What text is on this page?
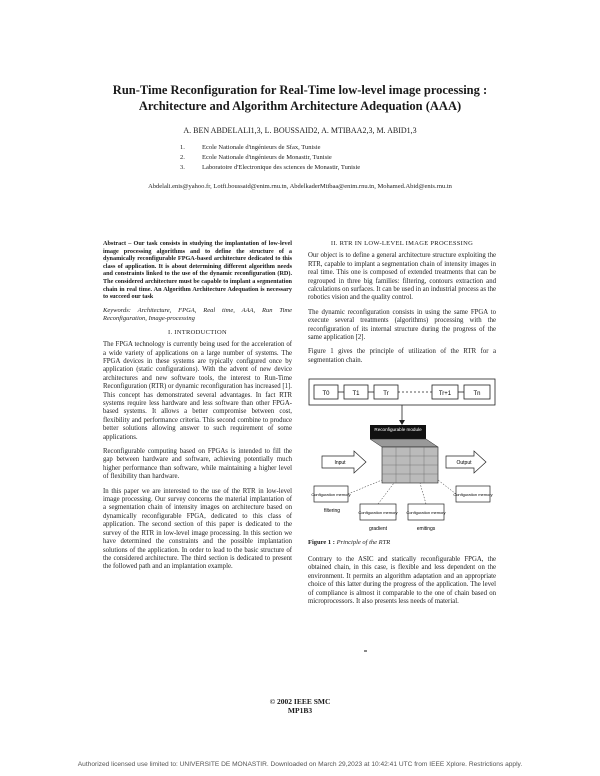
Run-Time Reconfiguration for Real-Time low-level image processing :
Architecture and Algorithm Architecture Adequation (AAA)
A. BEN ABDELALI1,3, L. BOUSSAID2, A. MTIBAA2,3, M. ABID1,3
1.	Ecole Nationale d'ingénieurs de Sfax, Tunisie
2.	Ecole Nationale d'ingénieurs de Monastir, Tunisie
3.	Laboratoire d'Electronique des sciences de Monastir, Tunisie
Abdelali.enis@yahoo.fr, Lotfi.boussaid@enim.rnu.tn, AbdelkaderMtibaa@enim.rnu.tn, Mohamed.Abid@enis.rnu.tn

Abstract – Our task consists in studying the implantation of low-level image processing algorithms and to define the structure of a dynamically reconfigurable FPGA-based architecture dedicated to this class of application. It is about determining different algorithm needs and constraints linked to the use of the dynamic reconfiguration (RD). The considered architecture must be capable to implant a segmentation chain in real time. An Algorithm Architecture Adequation is necessary to succeed our task

Keywords: Architecture, FPGA, Real time, AAA, Run Time Reconfiguration, Image-processing

I. INTRODUCTION

The FPGA technology is currently being used for the acceleration of a wide variety of applications on a large number of systems. The FPGA devices in these systems are typically configured once by application (static configurations). With the advent of new device architectures and new software tools, the interest to Run-Time Reconfiguration (RTR) or dynamic reconfiguration has increased [1]. This concept has demonstrated several advantages. In fact RTR systems require less hardware and less software than other FPGA-based systems. It allows a better compromise between cost, flexibility and performance criteria. This second combine to produce better solutions allowing answer to such requirement of some applications.

Reconfigurable computing based on FPGAs is intended to fill the gap between hardware and software, achieving potentially much higher performance than software, while maintaining a higher level of flexibility than hardware.

In this paper we are interested to the use of the RTR in low-level image processing. Our survey concerns the material implantation of a segmentation chain of intensity images on architecture based on dynamically reconfigurable FPGA, dedicated to this class of application. The second section of this paper is dedicated to the survey of the RTR in low-level image processing. In this section we have determined the constraints and the possible implantation solutions of the application. In order to lead to the basic structure of the considered architecture. The third section is dedicated to present the followed path and an implantation example.

II. RTR IN LOW-LEVEL IMAGE PROCESSING

Our object is to define a general architecture structure exploiting the RTR, capable to implant a segmentation chain of intensity images in real time. This one is composed of extended treatments that can be regrouped in three big families: filtering, contours extraction and calculations on surfaces. It can be used in an industrial process as the robotics vision and the quality control.

The dynamic reconfiguration consists in using the same FPGA to execute several treatments (algorithms) processing with the reconfiguration of its internal structure during the progress of the same application [2].

Figure 1 gives the principle of utilization of the RTR for a segmentation chain.

T0	T1	Tr	Tr+1	Tn
Reconfigurable module
Input	Output
Configuration memory	Configuration memory
Configuration memory Configuration memory
filtering
gradient	emitings
Figure 1 : Principle of the RTR

Contrary to the ASIC and statically reconfigurable FPGA, the obtained chain, in this case, is flexible and less dependent on the environment. It permits an algorithm adaptation and an appropriate choice of this latter during the progress of the application. The level of compliance is almost it comparable to the one of chain based on microprocessors. It also presents less needs of material.

© 2002 IEEE SMC
MP1B3
Authorized licensed use limited to: UNIVERSITE DE MONASTIR. Downloaded on March 29,2023 at 10:42:41 UTC from IEEE Xplore. Restrictions apply.
